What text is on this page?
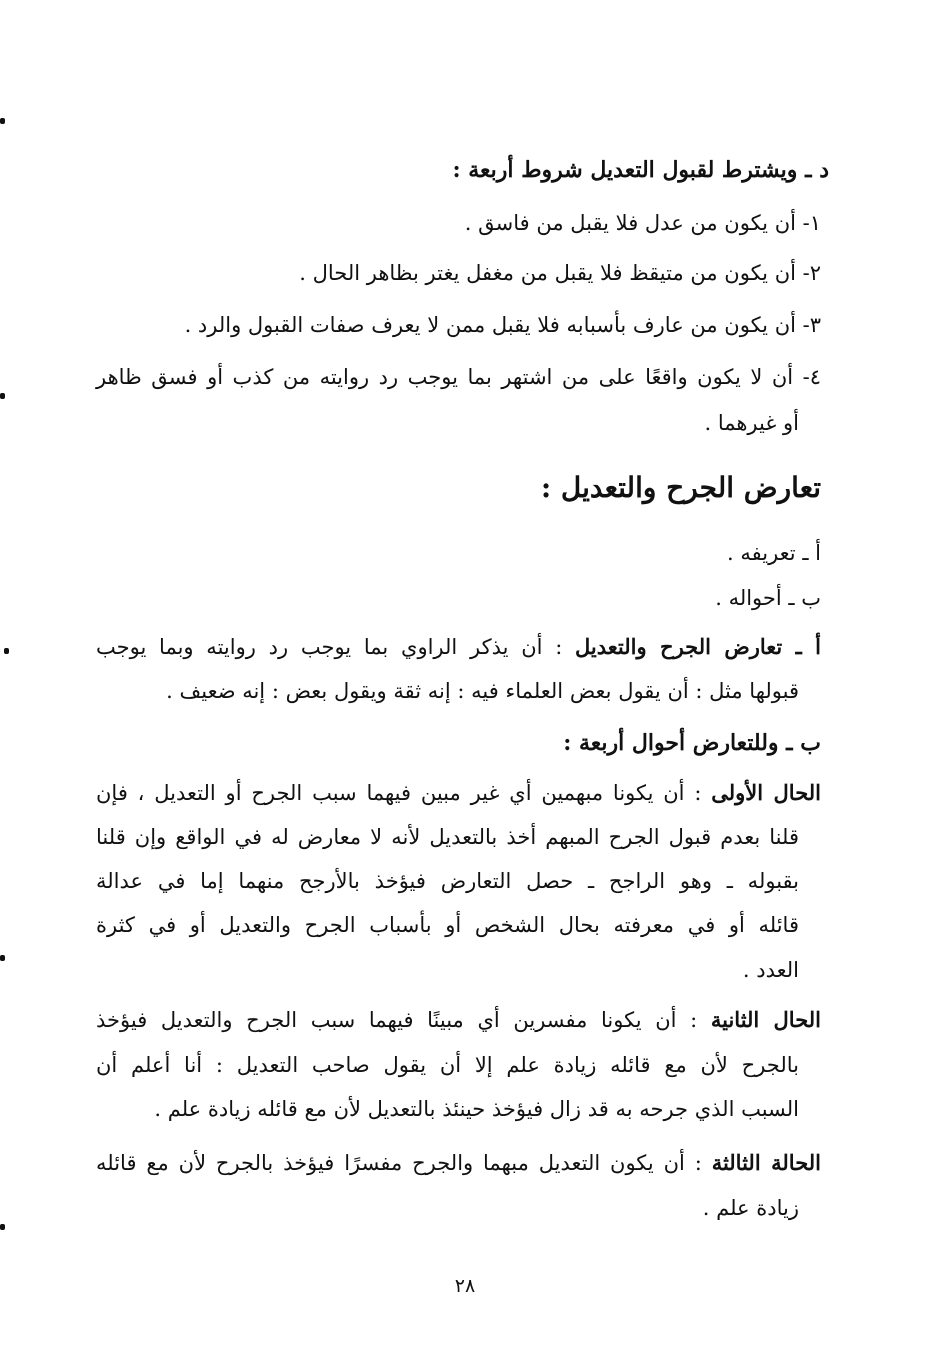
د ـ ويشترط لقبول التعديل شروط أربعة :
١- أن يكون من عدل فلا يقبل من فاسق .
٢- أن يكون من متيقظ فلا يقبل من مغفل يغتر بظاهر الحال .
٣- أن يكون من عارف بأسبابه فلا يقبل ممن لا يعرف صفات القبول والرد .
٤- أن لا يكون واقعًا على من اشتهر بما يوجب رد روايته من كذب أو فسق ظاهر
أو غيرهما .
تعارض الجرح والتعديل :
أ ـ تعريفه .
ب ـ أحواله .
أ ـ تعارض الجرح والتعديل : أن يذكر الراوي بما يوجب رد روايته وبما يوجب
قبولها مثل : أن يقول بعض العلماء فيه : إنه ثقة ويقول بعض : إنه ضعيف .
ب ـ وللتعارض أحوال أربعة :
الحال الأولى : أن يكونا مبهمين أي غير مبين فيهما سبب الجرح أو التعديل ، فإن
قلنا بعدم قبول الجرح المبهم أخذ بالتعديل لأنه لا معارض له في الواقع وإن قلنا
بقبوله ـ وهو الراجح ـ حصل التعارض فيؤخذ بالأرجح منهما إما في عدالة
قائله أو في معرفته بحال الشخص أو بأسباب الجرح والتعديل أو في كثرة
العدد .
الحال الثانية : أن يكونا مفسرين أي مبينًا فيهما سبب الجرح والتعديل فيؤخذ
بالجرح لأن مع قائله زيادة علم إلا أن يقول صاحب التعديل : أنا أعلم أن
السبب الذي جرحه به قد زال فيؤخذ حينئذ بالتعديل لأن مع قائله زيادة علم .
الحالة الثالثة : أن يكون التعديل مبهما والجرح مفسرًا فيؤخذ بالجرح لأن مع قائله
زيادة علم .
٢٨
